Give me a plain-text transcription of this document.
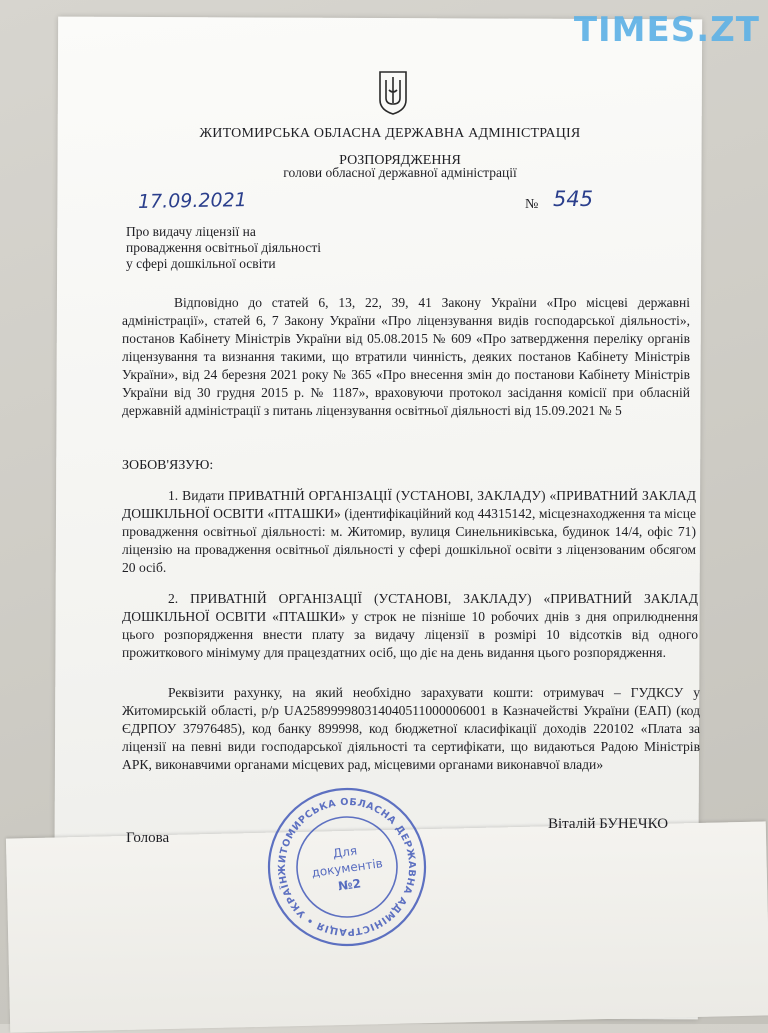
TIMES.ZT
ЖИТОМИРСЬКА ОБЛАСНА ДЕРЖАВНА АДМІНІСТРАЦІЯ
РОЗПОРЯДЖЕННЯ
голови обласної державної адміністрації
17.09.2021	№ 545
Про видачу ліцензії на
провадження освітньої діяльності
у сфері дошкільної освіти
Відповідно до статей 6, 13, 22, 39, 41 Закону України «Про місцеві державні адміністрації», статей 6, 7 Закону України «Про ліцензування видів господарської діяльності», постанов Кабінету Міністрів України від 05.08.2015 № 609 «Про затвердження переліку органів ліцензування та визнання такими, що втратили чинність, деяких постанов Кабінету Міністрів України», від 24 березня 2021 року № 365 «Про внесення змін до постанови Кабінету Міністрів України від 30 грудня 2015 р. № 1187», враховуючи протокол засідання комісії при обласній державній адміністрації з питань ліцензування освітньої діяльності від 15.09.2021 № 5
ЗОБОВ'ЯЗУЮ:
1. Видати ПРИВАТНІЙ ОРГАНІЗАЦІЇ (УСТАНОВІ, ЗАКЛАДУ) «ПРИВАТНИЙ ЗАКЛАД ДОШКІЛЬНОЇ ОСВІТИ «ПТАШКИ» (ідентифікаційний код 44315142, місцезнаходження та місце провадження освітньої діяльності: м. Житомир, вулиця Синельниківська, будинок 14/4, офіс 71) ліцензію на провадження освітньої діяльності у сфері дошкільної освіти з ліцензованим обсягом 20 осіб.
2. ПРИВАТНІЙ ОРГАНІЗАЦІЇ (УСТАНОВІ, ЗАКЛАДУ) «ПРИВАТНИЙ ЗАКЛАД ДОШКІЛЬНОЇ ОСВІТИ «ПТАШКИ» у строк не пізніше 10 робочих днів з дня оприлюднення цього розпорядження внести плату за видачу ліцензії в розмірі 10 відсотків від одного прожиткового мінімуму для працездатних осіб, що діє на день видання цього розпорядження.
Реквізити рахунку, на який необхідно зарахувати кошти: отримувач – ГУДКСУ у Житомирській області, р/р UA258999980314040511000006001 в Казначействі України (ЕАП) (код ЄДРПОУ 37976485), код банку 899998, код бюджетної класифікації доходів 220102 «Плата за ліцензії на певні види господарської діяльності та сертифікати, що видаються Радою Міністрів АРК, виконавчими органами місцевих рад, місцевими органами виконавчої влади»
Голова
Віталій БУНЕЧКО
ЖИТОМИРСЬКА ОБЛАСНА ДЕРЖАВНА АДМІНІСТРАЦІЯ • УКРАЇНА
Для
документів
№2
